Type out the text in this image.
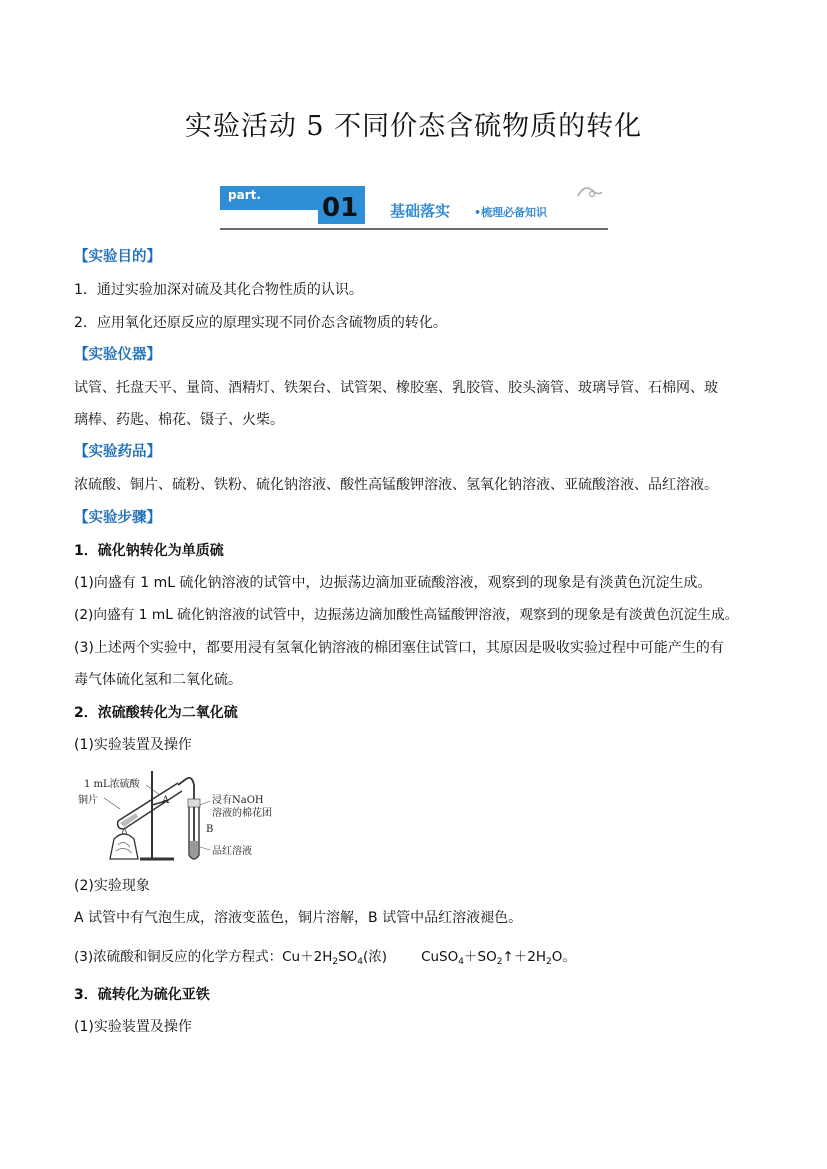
实验活动 5 不同价态含硫物质的转化
part. 01 基础落实 •梳理必备知识
【实验目的】
1．通过实验加深对硫及其化合物性质的认识。
2．应用氧化还原反应的原理实现不同价态含硫物质的转化。
【实验仪器】
试管、托盘天平、量筒、酒精灯、铁架台、试管架、橡胶塞、乳胶管、胶头滴管、玻璃导管、石棉网、玻
璃棒、药匙、棉花、镊子、火柴。
【实验药品】
浓硫酸、铜片、硫粉、铁粉、硫化钠溶液、酸性高锰酸钾溶液、氢氧化钠溶液、亚硫酸溶液、品红溶液。
【实验步骤】
1．硫化钠转化为单质硫
(1)向盛有 1 mL 硫化钠溶液的试管中，边振荡边滴加亚硫酸溶液，观察到的现象是有淡黄色沉淀生成。
(2)向盛有 1 mL 硫化钠溶液的试管中，边振荡边滴加酸性高锰酸钾溶液，观察到的现象是有淡黄色沉淀生成。
(3)上述两个实验中，都要用浸有氢氧化钠溶液的棉团塞住试管口，其原因是吸收实验过程中可能产生的有
毒气体硫化氢和二氧化硫。
2．浓硫酸转化为二氧化硫
(1)实验装置及操作
1 mL浓硫酸
铜片	A	浸有NaOH
溶液的棉花团
B
品红溶液
(2)实验现象
A 试管中有气泡生成，溶液变蓝色，铜片溶解，B 试管中品红溶液褪色。
(3)浓硫酸和铜反应的化学方程式：$Cu+2H_2SO_4$(浓)	$CuSO_4+SO_2↑+2H_2O$。
3．硫转化为硫化亚铁
(1)实验装置及操作
